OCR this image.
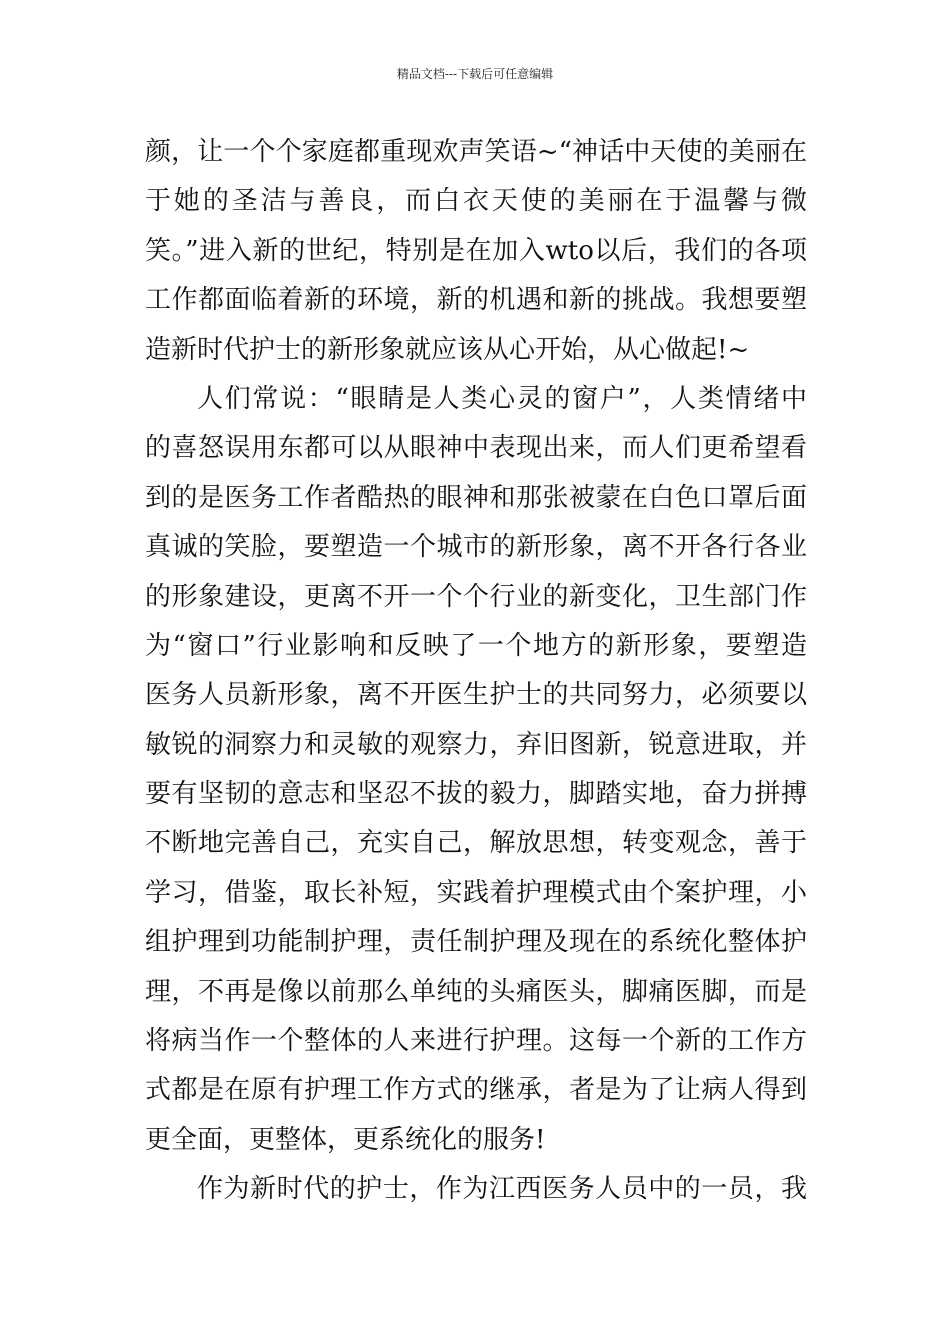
精品文档---下载后可任意编辑
颜，让一个个家庭都重现欢声笑语~“神话中天使的美丽在
于她的圣洁与善良，而白衣天使的美丽在于温馨与微
笑。”进入新的世纪，特别是在加入wto以后，我们的各项
工作都面临着新的环境，新的机遇和新的挑战。我想要塑
造新时代护士的新形象就应该从心开始，从心做起!~
人们常说：“眼睛是人类心灵的窗户”，人类情绪中
的喜怒误用东都可以从眼神中表现出来，而人们更希望看
到的是医务工作者酷热的眼神和那张被蒙在白色口罩后面
真诚的笑脸，要塑造一个城市的新形象，离不开各行各业
的形象建设，更离不开一个个行业的新变化，卫生部门作
为“窗口”行业影响和反映了一个地方的新形象，要塑造
医务人员新形象，离不开医生护士的共同努力，必须要以
敏锐的洞察力和灵敏的观察力，弃旧图新，锐意进取，并
要有坚韧的意志和坚忍不拔的毅力，脚踏实地，奋力拼搏
不断地完善自己，充实自己，解放思想，转变观念，善于
学习，借鉴，取长补短，实践着护理模式由个案护理，小
组护理到功能制护理，责任制护理及现在的系统化整体护
理，不再是像以前那么单纯的头痛医头，脚痛医脚，而是
将病当作一个整体的人来进行护理。这每一个新的工作方
式都是在原有护理工作方式的继承，者是为了让病人得到
更全面，更整体，更系统化的服务!
作为新时代的护士，作为江西医务人员中的一员，我
